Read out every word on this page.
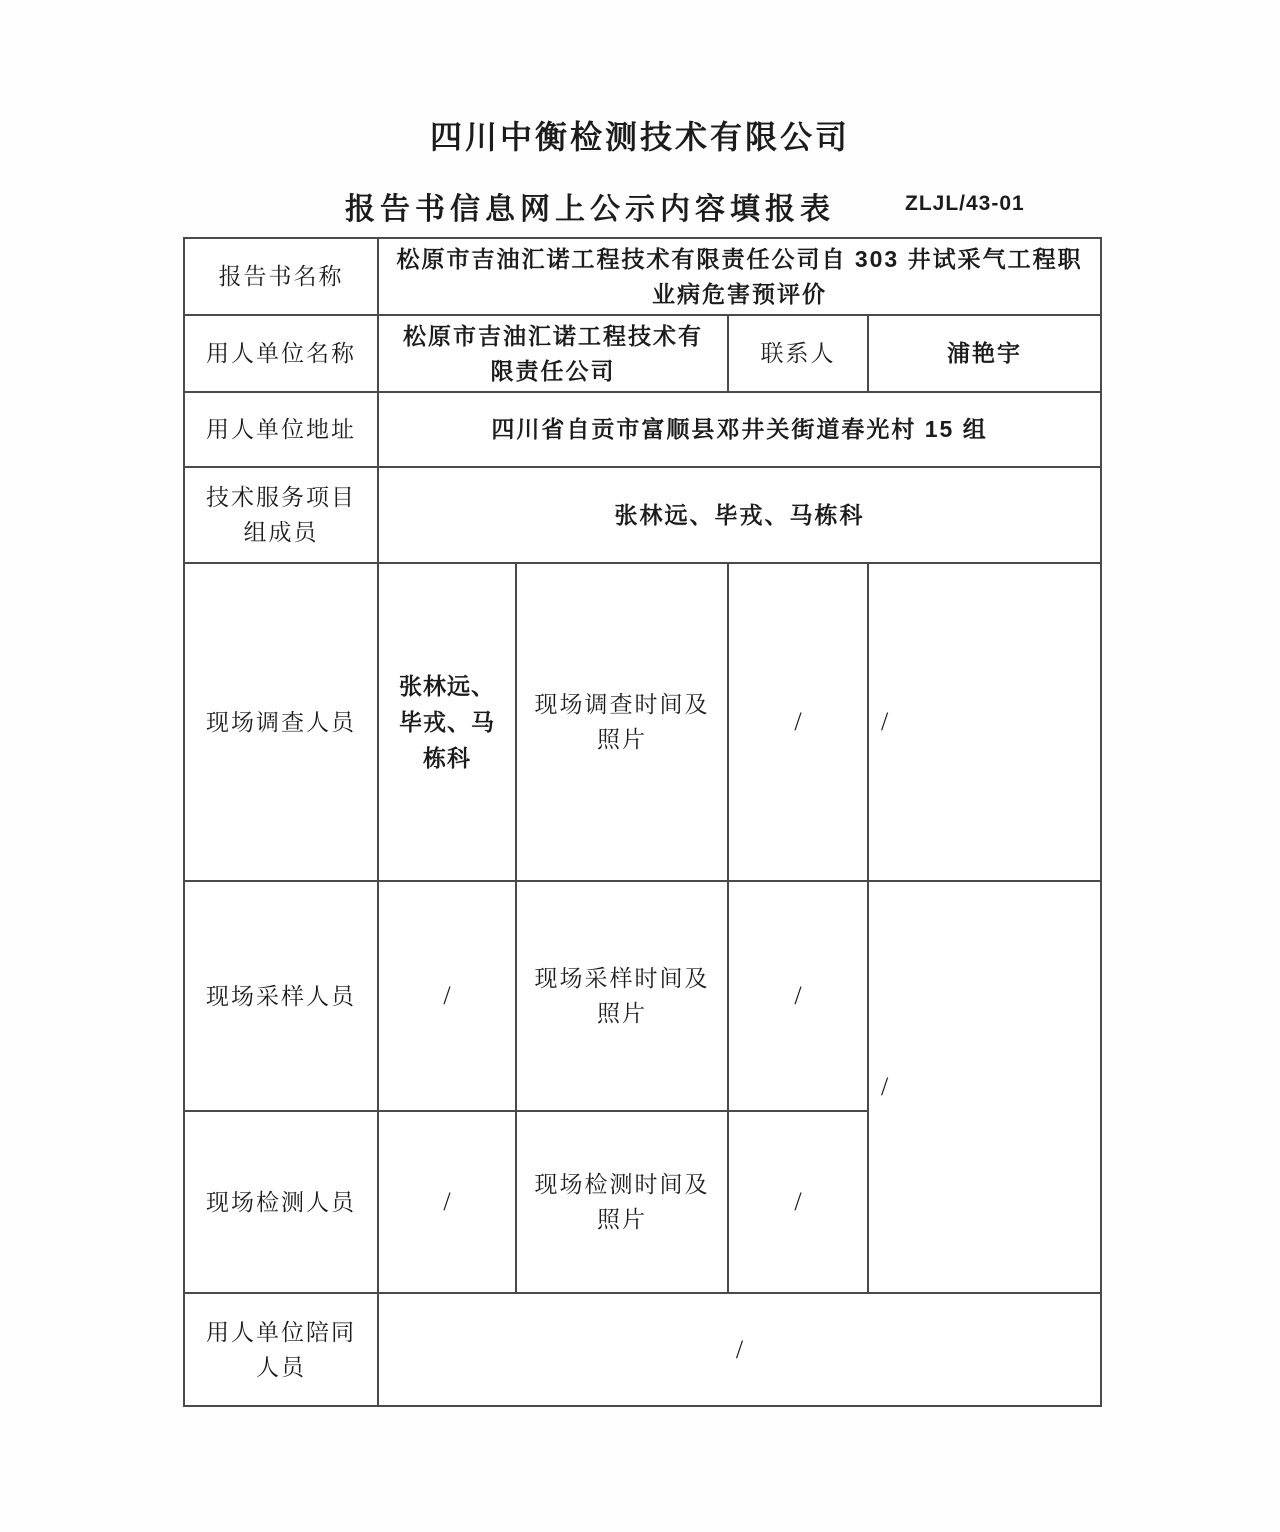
四川中衡检测技术有限公司
报告书信息网上公示内容填报表	ZLJL/43-01
报告书名称	松原市吉油汇诺工程技术有限责任公司自 303 井试采气工程职业病危害预评价			
用人单位名称	松原市吉油汇诺工程技术有限责任公司		联系人	浦艳宇
用人单位地址	四川省自贡市富顺县邓井关街道春光村 15 组			
技术服务项目组成员	张林远、毕戎、马栋科			
现场调查人员	张林远、毕戎、马栋科	现场调查时间及照片	/	/
现场采样人员	/	现场采样时间及照片	/	/
现场检测人员	/	现场检测时间及照片	/	
用人单位陪同人员	/			
